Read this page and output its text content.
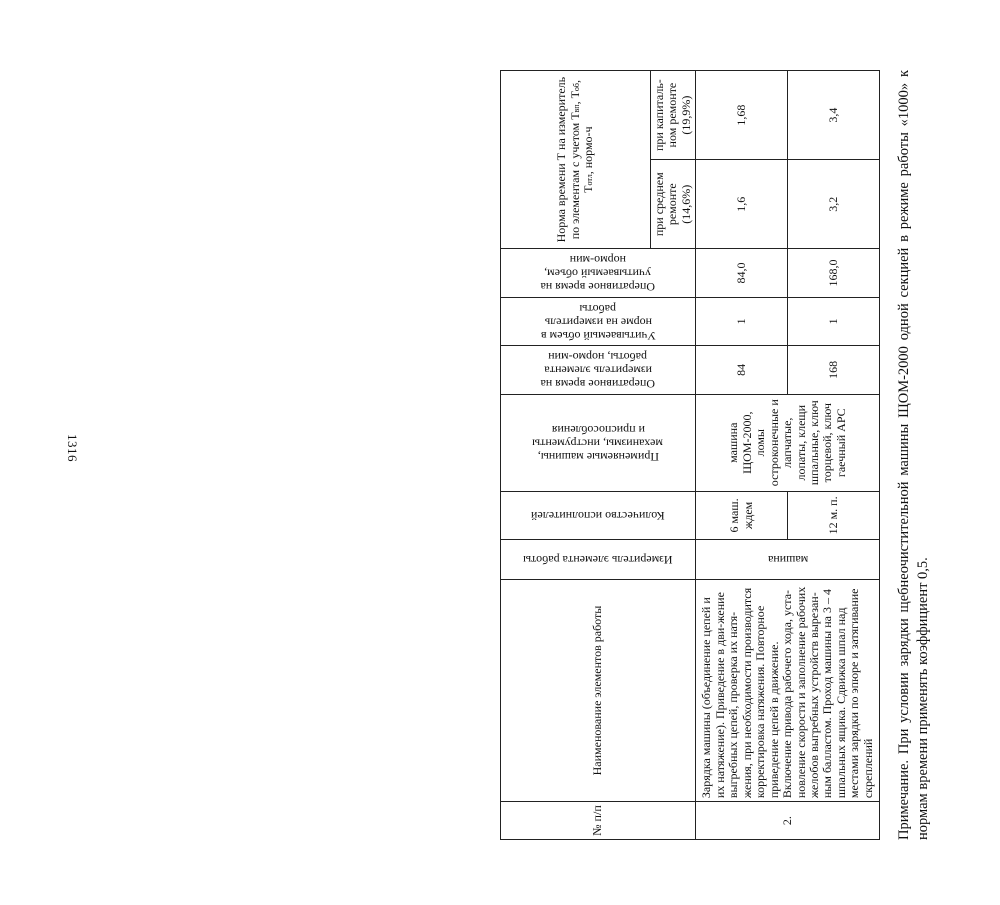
1316
№ п/п	Наименование элементов работы	Измеритель элемента работы	Количество исполнителей	Применяемые машины, механизмы, инструменты и приспособления	Оперативное время на измеритель элемента работы, нормо-мин	Учитываемый объем в норме на измеритель работы	Оперативное время на учитываемый объем, нормо-мин	Норма времени Т на измеритель по элементам с учетом Твп, Тоб, Тотл, нормо-ч	
								при среднем ремонте (14,6%)	при капиталь-ном ремонте (19,9%)
2.	Зарядка машины (объединение цепей и их натяжение). Приведение в дви-жение выгребных цепей, проверка их натя-жения, при необходимости производится корректировка натяжения. Повторное приведение цепей в движение. Включение привода рабочего хода, уста-новление скорости и заполнение рабочих желобов выгребных устройств вырезан-ным балластом. Проход машины на 3 – 4 шпальных ящика. Сдвижка шпал над местами зарядки по эпюре и затягивание скреплений	машина	6 маш. ждем	машина ЩОМ-2000, ломы остроконечные и лапчатые, лопаты, клещи шпальные, ключ торцевой, ключ гаечный АРС	84	1	84,0	1,6	1,68
			12 м. п.		168	1	168,0	3,2	3,4	Примечание. При условии зарядки щебнеочистительной машины ЩОМ-2000 одной секцией в режиме работы «1000» к нормам времени применять коэффициент 0,5.
